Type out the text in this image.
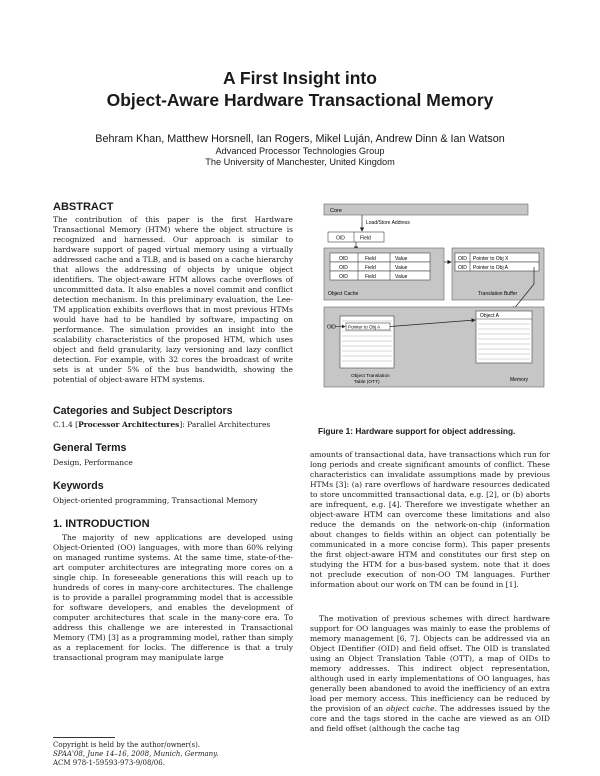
A First Insight into
Object-Aware Hardware Transactional Memory
Behram Khan, Matthew Horsnell, Ian Rogers, Mikel Luján, Andrew Dinn & Ian Watson
Advanced Processor Technologies Group
The University of Manchester, United Kingdom
ABSTRACT

The contribution of this paper is the first Hardware Transactional Memory (HTM) where the object structure is recognized and harnessed. Our approach is similar to hardware support of paged virtual memory using a virtually addressed cache and a TLB, and is based on a cache hierarchy that allows the addressing of objects by unique object identifiers. The object-aware HTM allows cache overflows of uncommitted data. It also enables a novel commit and conflict detection mechanism. In this preliminary evaluation, the Lee-TM application exhibits overflows that in most previous HTMs would have had to be handled by software, impacting on performance. The simulation provides an insight into the scalability characteristics of the proposed HTM, which uses object and field granularity, lazy versioning and lazy conflict detection. For example, with 32 cores the broadcast of write sets is at under 5% of the bus bandwidth, showing the potential of object-aware HTM systems.

Categories and Subject Descriptors
C.1.4 [Processor Architectures]: Parallel Architectures
General Terms
Design, Performance
Keywords
Object-oriented programming, Transactional Memory
1. INTRODUCTION

The majority of new applications are developed using Object-Oriented (OO) languages, with more than 60% relying on managed runtime systems. At the same time, state-of-the-art computer architectures are integrating more cores on a single chip. In foreseeable generations this will reach up to hundreds of cores in many-core architectures. The challenge is to provide a parallel programming model that is accessible for software developers, and enables the development of computer architectures that scale in the many-core era. To address this challenge we are interested in Transactional Memory (TM) [3] as a programming model, rather than simply as a replacement for locks. The difference is that a truly transactional program may manipulate large

Copyright is held by the author/owner(s).
SPAA'08, June 14–16, 2008, Munich, Germany.
ACM 978-1-59593-973-9/08/06.
Core
Load/Store Address
OID	Field
OID	Field	Value
OID	Field	Value
OID	Field	Value
Object Cache
OID Pointer to Obj X
OID Pointer to Obj A
Translation Buffer
Object A
Pointer to Obj A
OID
Object Translation
Table (OTT)	Memory
Figure 1: Hardware support for object addressing.

amounts of transactional data, have transactions which run for long periods and create significant amounts of conflict. These characteristics can invalidate assumptions made by previous HTMs [3]: (a) rare overflows of hardware resources dedicated to store uncommitted transactional data, e.g. [2], or (b) aborts are infrequent, e.g. [4]. Therefore we investigate whether an object-aware HTM can overcome these limitations and also reduce the demands on the network-on-chip (information about changes to fields within an object can potentially be communicated in a more concise form). This paper presents the first object-aware HTM and constitutes our first step on studying the HTM for a bus-based system. note that it does not preclude execution of non-OO TM languages. Further information about our work on TM can be found in [1].

The motivation of previous schemes with direct hardware support for OO languages was mainly to ease the problems of memory management [6, 7]. Objects can be addressed via an Object IDentifier (OID) and field offset. The OID is translated using an Object Translation Table (OTT), a map of OIDs to memory addresses. This indirect object representation, although used in early implementations of OO languages, has generally been abandoned to avoid the inefficiency of an extra load per memory access. This inefficiency can be reduced by the provision of an object cache. The addresses issued by the core and the tags stored in the cache are viewed as an OID and field offset (although the cache tag
